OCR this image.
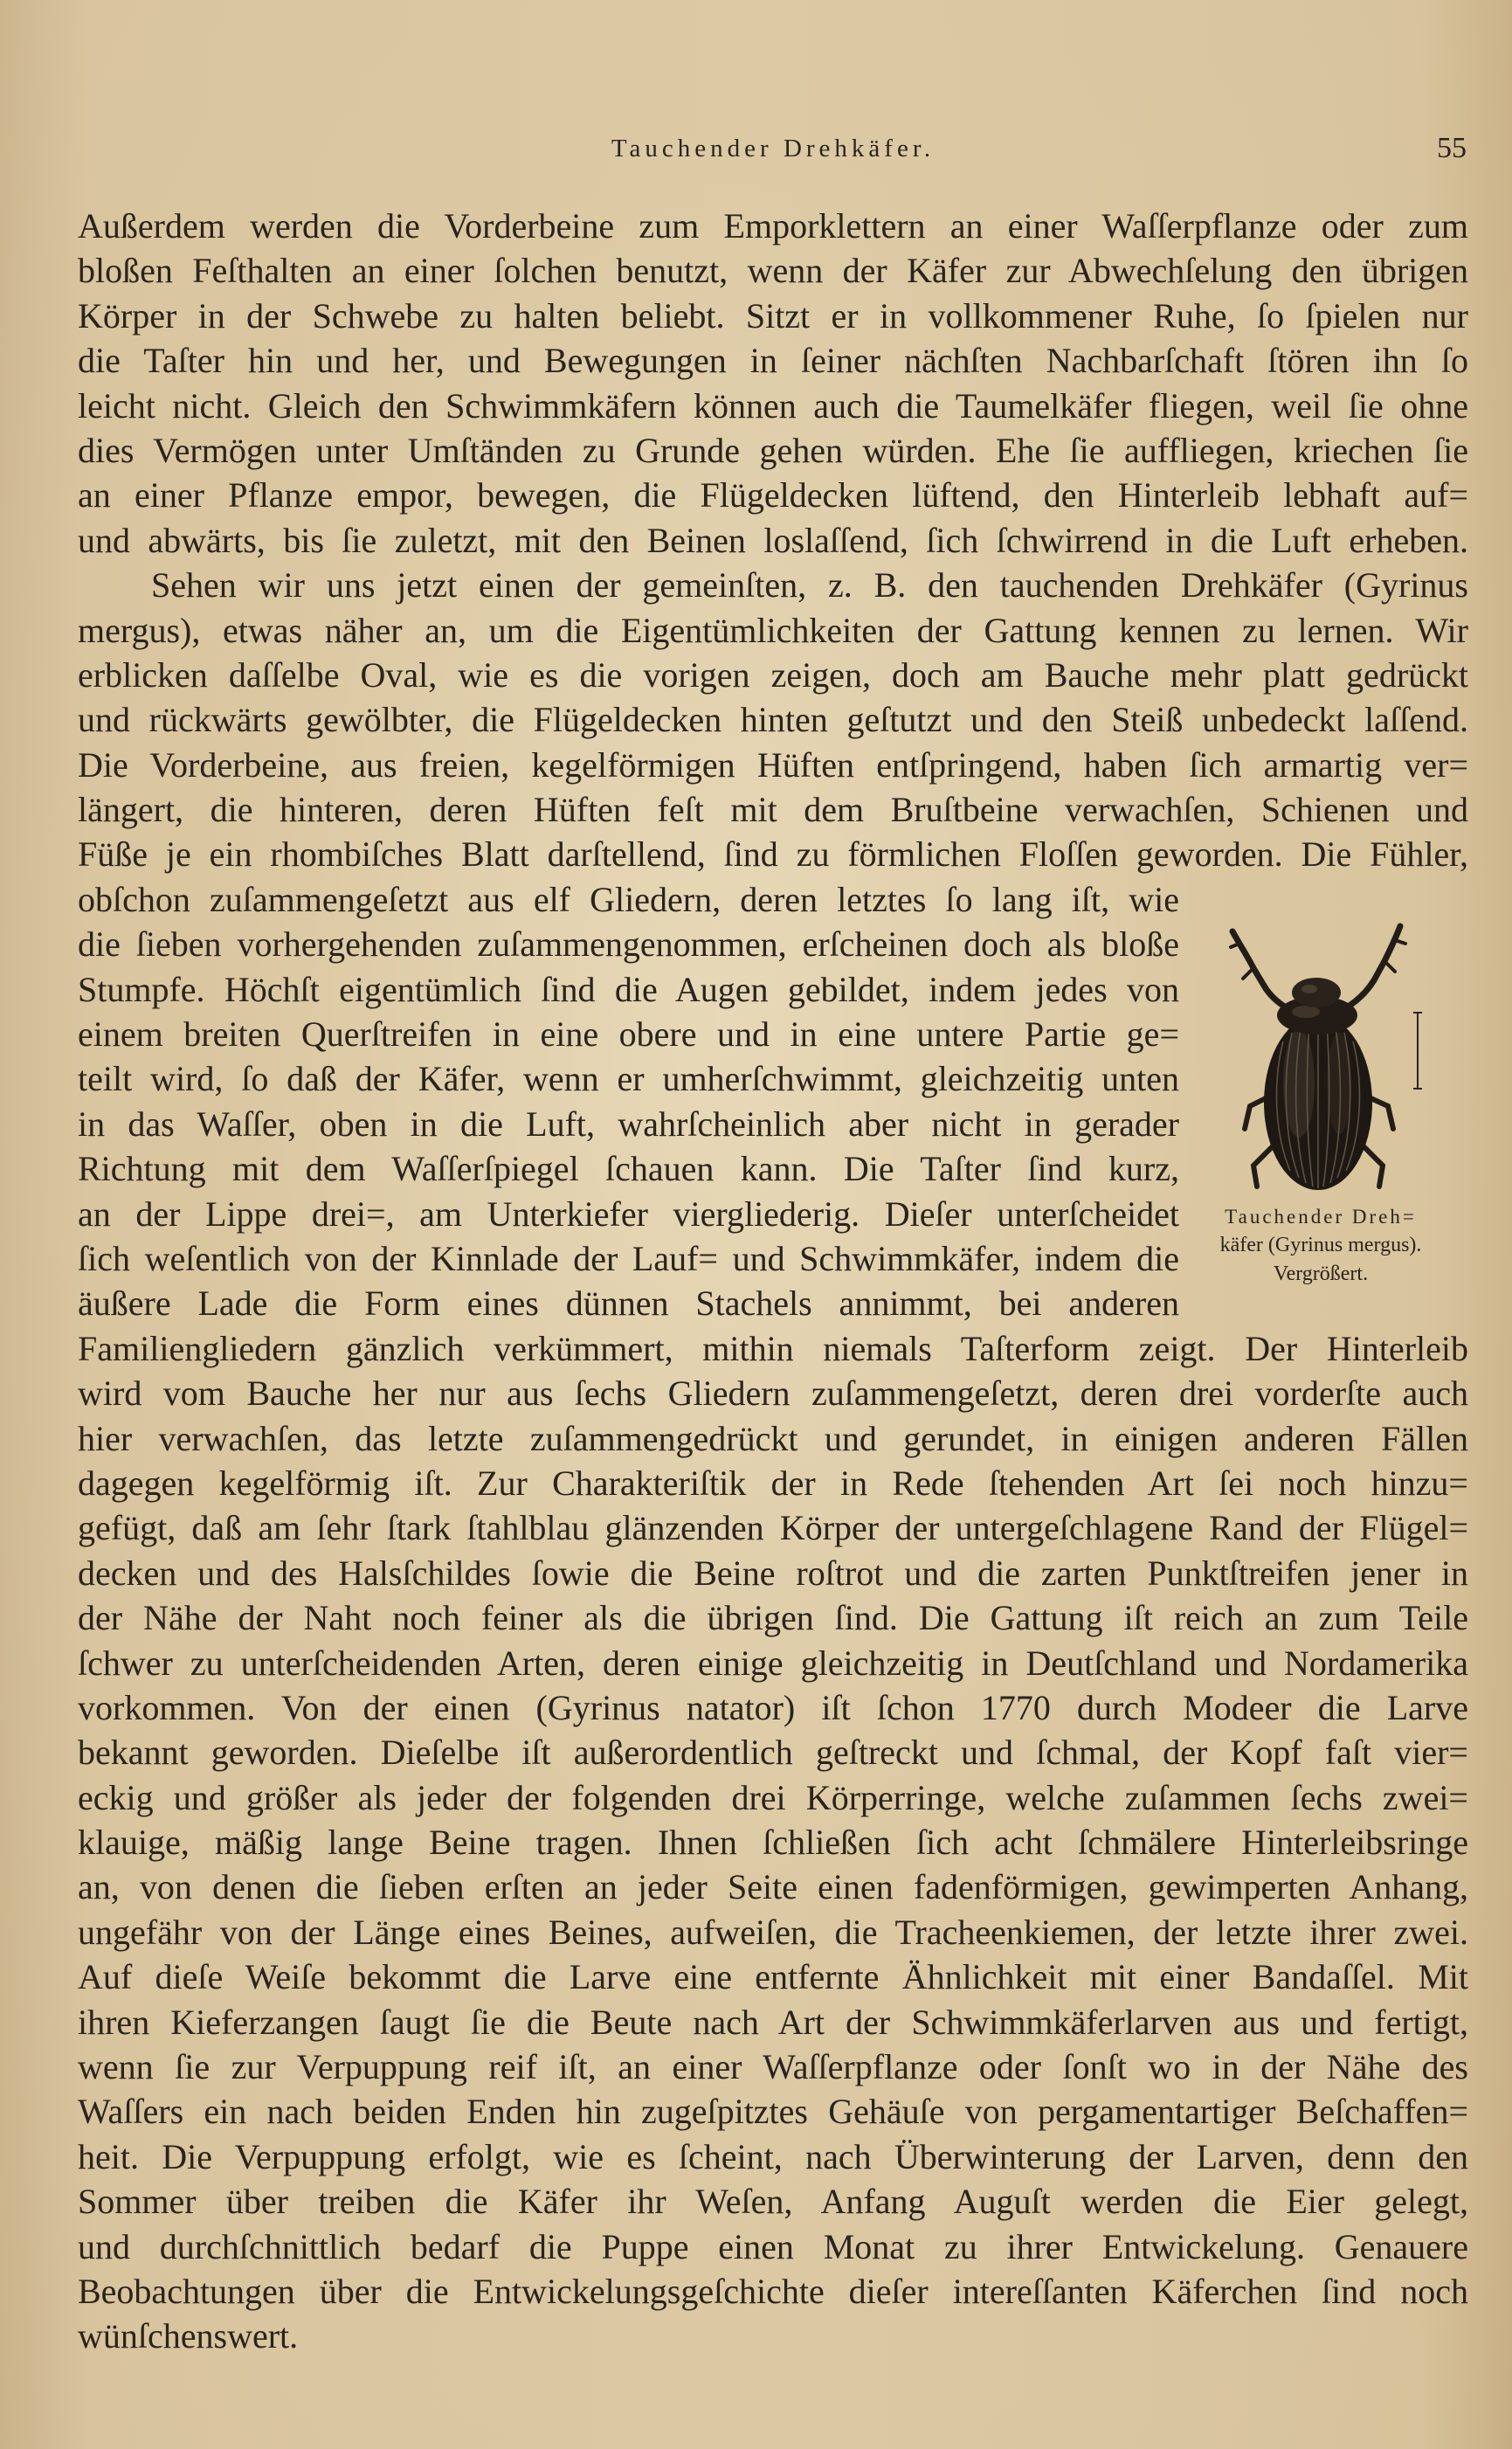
Tauchender Drehkäfer.	55
Außerdem werden die Vorderbeine zum Emporklettern an einer Waſſerpflanze oder zum
bloßen Feſthalten an einer ſolchen benutzt, wenn der Käfer zur Abwechſelung den übrigen
Körper in der Schwebe zu halten beliebt. Sitzt er in vollkommener Ruhe, ſo ſpielen nur
die Taſter hin und her, und Bewegungen in ſeiner nächſten Nachbarſchaft ſtören ihn ſo
leicht nicht. Gleich den Schwimmkäfern können auch die Taumelkäfer fliegen, weil ſie ohne
dies Vermögen unter Umſtänden zu Grunde gehen würden. Ehe ſie auffliegen, kriechen ſie
an einer Pflanze empor, bewegen, die Flügeldecken lüftend, den Hinterleib lebhaft auf=
und abwärts, bis ſie zuletzt, mit den Beinen loslaſſend, ſich ſchwirrend in die Luft erheben.
Sehen wir uns jetzt einen der gemeinſten, z. B. den tauchenden Drehkäfer (Gyrinus
mergus), etwas näher an, um die Eigentümlichkeiten der Gattung kennen zu lernen. Wir
erblicken daſſelbe Oval, wie es die vorigen zeigen, doch am Bauche mehr platt gedrückt
und rückwärts gewölbter, die Flügeldecken hinten geſtutzt und den Steiß unbedeckt laſſend.
Die Vorderbeine, aus freien, kegelförmigen Hüften entſpringend, haben ſich armartig ver=
längert, die hinteren, deren Hüften feſt mit dem Bruſtbeine verwachſen, Schienen und
Füße je ein rhombiſches Blatt darſtellend, ſind zu förmlichen Floſſen geworden. Die Fühler,
obſchon zuſammengeſetzt aus elf Gliedern, deren letztes ſo lang iſt, wie
die ſieben vorhergehenden zuſammengenommen, erſcheinen doch als bloße
Stumpfe. Höchſt eigentümlich ſind die Augen gebildet, indem jedes von
einem breiten Querſtreifen in eine obere und in eine untere Partie ge=
teilt wird, ſo daß der Käfer, wenn er umherſchwimmt, gleichzeitig unten
in das Waſſer, oben in die Luft, wahrſcheinlich aber nicht in gerader
Richtung mit dem Waſſerſpiegel ſchauen kann. Die Taſter ſind kurz,
an der Lippe drei=, am Unterkiefer viergliederig. Dieſer unterſcheidet
ſich weſentlich von der Kinnlade der Lauf= und Schwimmkäfer, indem die
äußere Lade die Form eines dünnen Stachels annimmt, bei anderen
Familiengliedern gänzlich verkümmert, mithin niemals Taſterform zeigt. Der Hinterleib
wird vom Bauche her nur aus ſechs Gliedern zuſammengeſetzt, deren drei vorderſte auch
hier verwachſen, das letzte zuſammengedrückt und gerundet, in einigen anderen Fällen
dagegen kegelförmig iſt. Zur Charakteriſtik der in Rede ſtehenden Art ſei noch hinzu=
gefügt, daß am ſehr ſtark ſtahlblau glänzenden Körper der untergeſchlagene Rand der Flügel=
decken und des Halsſchildes ſowie die Beine roſtrot und die zarten Punktſtreifen jener in
der Nähe der Naht noch feiner als die übrigen ſind. Die Gattung iſt reich an zum Teile
ſchwer zu unterſcheidenden Arten, deren einige gleichzeitig in Deutſchland und Nordamerika
vorkommen. Von der einen (Gyrinus natator) iſt ſchon 1770 durch Modeer die Larve
bekannt geworden. Dieſelbe iſt außerordentlich geſtreckt und ſchmal, der Kopf faſt vier=
eckig und größer als jeder der folgenden drei Körperringe, welche zuſammen ſechs zwei=
klauige, mäßig lange Beine tragen. Ihnen ſchließen ſich acht ſchmälere Hinterleibsringe
an, von denen die ſieben erſten an jeder Seite einen fadenförmigen, gewimperten Anhang,
ungefähr von der Länge eines Beines, aufweiſen, die Tracheenkiemen, der letzte ihrer zwei.
Auf dieſe Weiſe bekommt die Larve eine entfernte Ähnlichkeit mit einer Bandaſſel. Mit
ihren Kieferzangen ſaugt ſie die Beute nach Art der Schwimmkäferlarven aus und fertigt,
wenn ſie zur Verpuppung reif iſt, an einer Waſſerpflanze oder ſonſt wo in der Nähe des
Waſſers ein nach beiden Enden hin zugeſpitztes Gehäuſe von pergamentartiger Beſchaffen=
heit. Die Verpuppung erfolgt, wie es ſcheint, nach Überwinterung der Larven, denn den
Sommer über treiben die Käfer ihr Weſen, Anfang Auguſt werden die Eier gelegt,
und durchſchnittlich bedarf die Puppe einen Monat zu ihrer Entwickelung. Genauere
Beobachtungen über die Entwickelungsgeſchichte dieſer intereſſanten Käferchen ſind noch
wünſchenswert.
Tauchender Dreh=
käfer (Gyrinus mergus).
Vergrößert.
